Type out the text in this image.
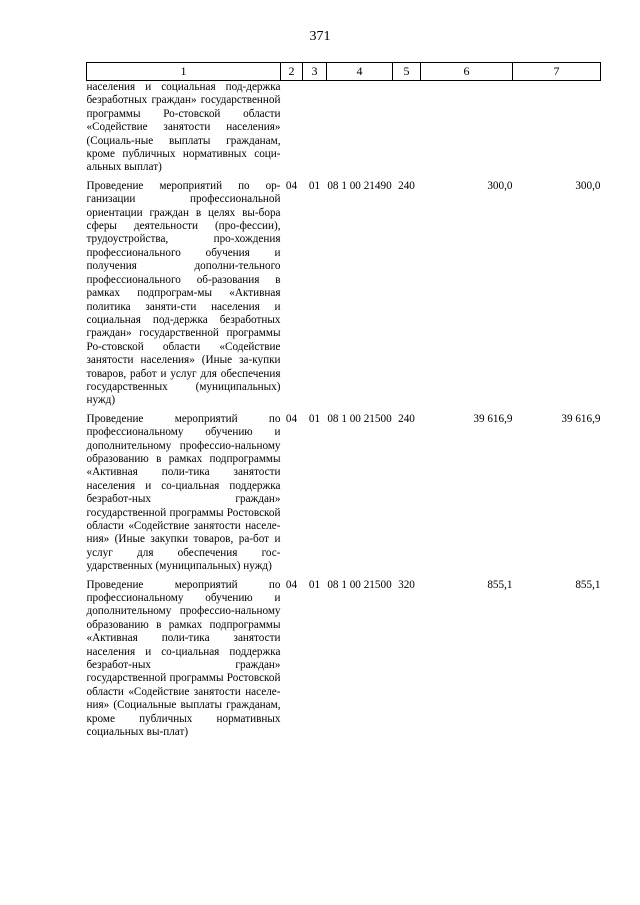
371
1	2	3	4	5	6	7
населения и социальная под-держка безработных граждан» государственной программы Ро-стовской области «Содействие занятости населения» (Социаль-ные выплаты гражданам, кроме публичных нормативных соци-альных выплат)						
Проведение мероприятий по ор-ганизации профессиональной ориентации граждан в целях вы-бора сферы деятельности (про-фессии), трудоустройства, про-хождения профессионального обучения и получения дополни-тельного профессионального об-разования в рамках подпрограм-мы «Активная политика заняти-сти населения и социальная под-держка безработных граждан» государственной программы Ро-стовской области «Содействие занятости населения» (Иные за-купки товаров, работ и услуг для обеспечения государственных (муниципальных) нужд)	04	01	08 1 00 21490	240	300,0	300,0
Проведение мероприятий по профессиональному обучению и дополнительному профессио-нальному образованию в рамках подпрограммы «Активная поли-тика занятости населения и со-циальная поддержка безработ-ных граждан» государственной программы Ростовской области «Содействие занятости населе-ния» (Иные закупки товаров, ра-бот и услуг для обеспечения гос-ударственных (муниципальных) нужд)	04	01	08 1 00 21500	240	39 616,9	39 616,9
Проведение мероприятий по профессиональному обучению и дополнительному профессио-нальному образованию в рамках подпрограммы «Активная поли-тика занятости населения и со-циальная поддержка безработ-ных граждан» государственной программы Ростовской области «Содействие занятости населе-ния» (Социальные выплаты гражданам, кроме публичных нормативных социальных вы-плат)	04	01	08 1 00 21500	320	855,1	855,1
